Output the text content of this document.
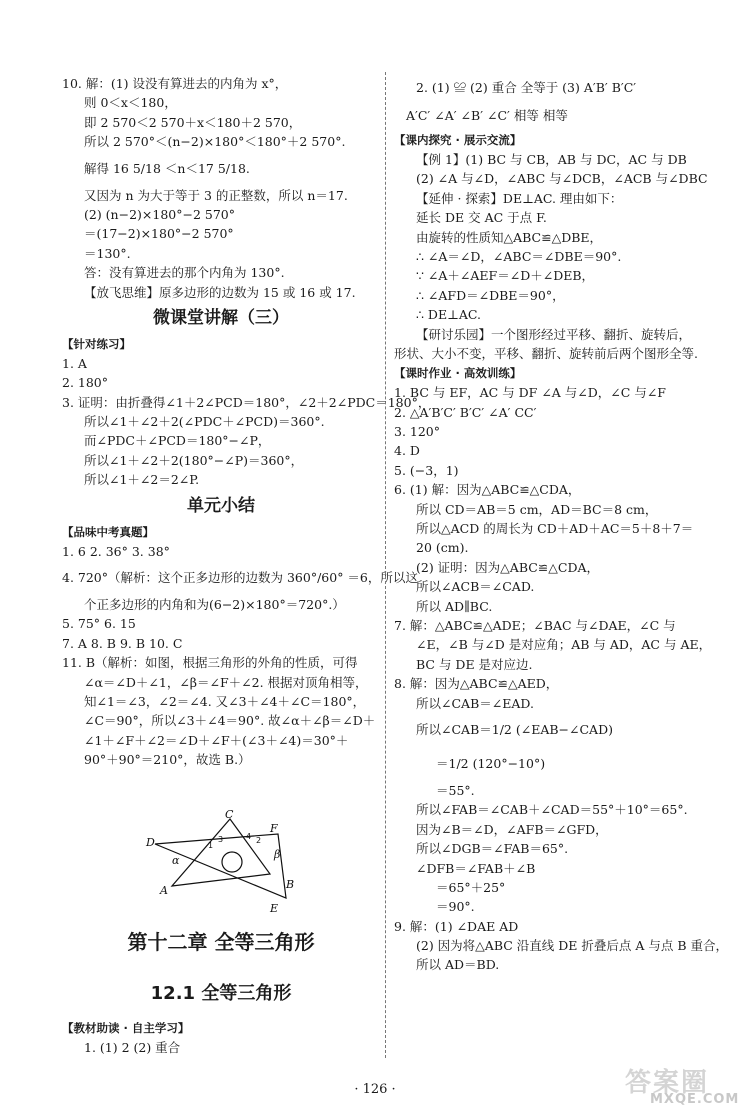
10. 解：(1) 设没有算进去的内角为 x°，
则 0＜x＜180，
即 2 570＜2 570＋x＜180＋2 570，
所以 2 570°＜(n−2)×180°＜180°＋2 570°.
解得 16 5/18 ＜n＜17 5/18.
又因为 n 为大于等于 3 的正整数，所以 n＝17.
(2) (n−2)×180°−2 570°
＝(17−2)×180°−2 570°
＝130°.
答：没有算进去的那个内角为 130°.
【放飞思维】原多边形的边数为 15 或 16 或 17.
微课堂讲解（三）
【针对练习】
1. A
2. 180°
3. 证明：由折叠得∠1＋2∠PCD＝180°，∠2＋2∠PDC＝180°，
所以∠1＋∠2＋2(∠PDC＋∠PCD)＝360°.
而∠PDC＋∠PCD＝180°−∠P，
所以∠1＋∠2＋2(180°−∠P)＝360°，
所以∠1＋∠2＝2∠P.
单元小结
【品味中考真题】
1. 6 2. 36° 3. 38°
4. 720°（解析：这个正多边形的边数为 360°/60° ＝6，所以这
个正多边形的内角和为(6−2)×180°＝720°.）
5. 75° 6. 15
7. A 8. B 9. B 10. C
11. B（解析：如图，根据三角形的外角的性质，可得
∠α＝∠D＋∠1，∠β＝∠F＋∠2. 根据对顶角相等，
知∠1＝∠3，∠2＝∠4. 又∠3＋∠4＋∠C＝180°，
∠C＝90°，所以∠3＋∠4＝90°. 故∠α＋∠β＝∠D＋
∠1＋∠F＋∠2＝∠D＋∠F＋(∠3＋∠4)＝30°＋
90°＋90°＝210°，故选 B.）
2. (1) ≌ (2) 重合 全等于 (3) A′B′ B′C′
A′C′ ∠A′ ∠B′ ∠C′ 相等 相等
【课内探究 · 展示交流】
【例 1】(1) BC 与 CB，AB 与 DC，AC 与 DB
(2) ∠A 与∠D，∠ABC 与∠DCB，∠ACB 与∠DBC
【延伸 · 探索】DE⊥AC. 理由如下：
延长 DE 交 AC 于点 F.
由旋转的性质知△ABC≌△DBE，
∴ ∠A＝∠D，∠ABC＝∠DBE＝90°.
∵ ∠A＋∠AEF＝∠D＋∠DEB，
∴ ∠AFD＝∠DBE＝90°，
∴ DE⊥AC.
【研讨乐园】一个图形经过平移、翻折、旋转后，
形状、大小不变，平移、翻折、旋转前后两个图形全等.
【课时作业 · 高效训练】
1. BC 与 EF，AC 与 DF ∠A 与∠D，∠C 与∠F
2. △A′B′C′ B′C′ ∠A′ CC′
3. 120°
4. D
5. (−3，1)
6. (1) 解：因为△ABC≌△CDA，
所以 CD＝AB＝5 cm，AD＝BC＝8 cm，
所以△ACD 的周长为 CD＋AD＋AC＝5＋8＋7＝
20 (cm).
(2) 证明：因为△ABC≌△CDA，
所以∠ACB＝∠CAD.
所以 AD∥BC.
7. 解：△ABC≌△ADE；∠BAC 与∠DAE，∠C 与
∠E，∠B 与∠D 是对应角；AB 与 AD，AC 与 AE，
BC 与 DE 是对应边.
8. 解：因为△ABC≌△AED，
所以∠CAB＝∠EAD.
所以∠CAB＝1/2 (∠EAB−∠CAD)
＝1/2 (120°−10°)
＝55°.
所以∠FAB＝∠CAB＋∠CAD＝55°＋10°＝65°.
因为∠B＝∠D，∠AFB＝∠GFD，
所以∠DGB＝∠FAB＝65°.
∠DFB＝∠FAB＋∠B
＝65°＋25°
＝90°.
9. 解：(1) ∠DAE AD
(2) 因为将△ABC 沿直线 DE 折叠后点 A 与点 B 重合，
所以 AD＝BD.
C
D
A	B
E
F
α	β
1
2
3	4
第十二章 全等三角形
12.1 全等三角形
【教材助读 · 自主学习】
1. (1) 2 (2) 重合
· 126 ·	答案圈
MXQE.COM
